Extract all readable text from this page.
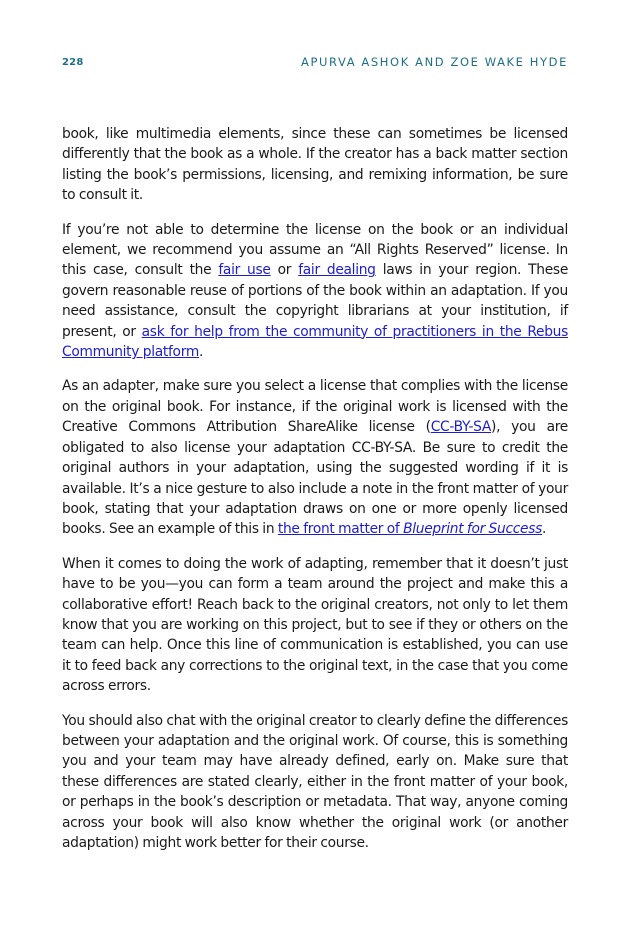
228	APURVA ASHOK AND ZOE WAKE HYDE

book, like multimedia elements, since these can sometimes be licensed differently that the book as a whole. If the creator has a back matter section listing the book’s permissions, licensing, and remixing information, be sure to consult it.

If you’re not able to determine the license on the book or an individual element, we recommend you assume an “All Rights Reserved” license. In this case, consult the fair use or fair dealing laws in your region. These govern reasonable reuse of portions of the book within an adaptation. If you need assistance, consult the copyright librarians at your institution, if present, or ask for help from the community of practitioners in the Rebus Community platform.

As an adapter, make sure you select a license that complies with the license on the original book. For instance, if the original work is licensed with the Creative Commons Attribution ShareAlike license (CC-BY-SA), you are obligated to also license your adaptation CC-BY-SA. Be sure to credit the original authors in your adaptation, using the suggested wording if it is available. It’s a nice gesture to also include a note in the front matter of your book, stating that your adaptation draws on one or more openly licensed books. See an example of this in the front matter of Blueprint for Success.

When it comes to doing the work of adapting, remember that it doesn’t just have to be you—you can form a team around the project and make this a collaborative effort! Reach back to the original creators, not only to let them know that you are working on this project, but to see if they or others on the team can help. Once this line of communication is established, you can use it to feed back any corrections to the original text, in the case that you come across errors.

You should also chat with the original creator to clearly define the differences between your adaptation and the original work. Of course, this is something you and your team may have already defined, early on. Make sure that these differences are stated clearly, either in the front matter of your book, or perhaps in the book’s description or metadata. That way, anyone coming across your book will also know whether the original work (or another adaptation) might work better for their course.
